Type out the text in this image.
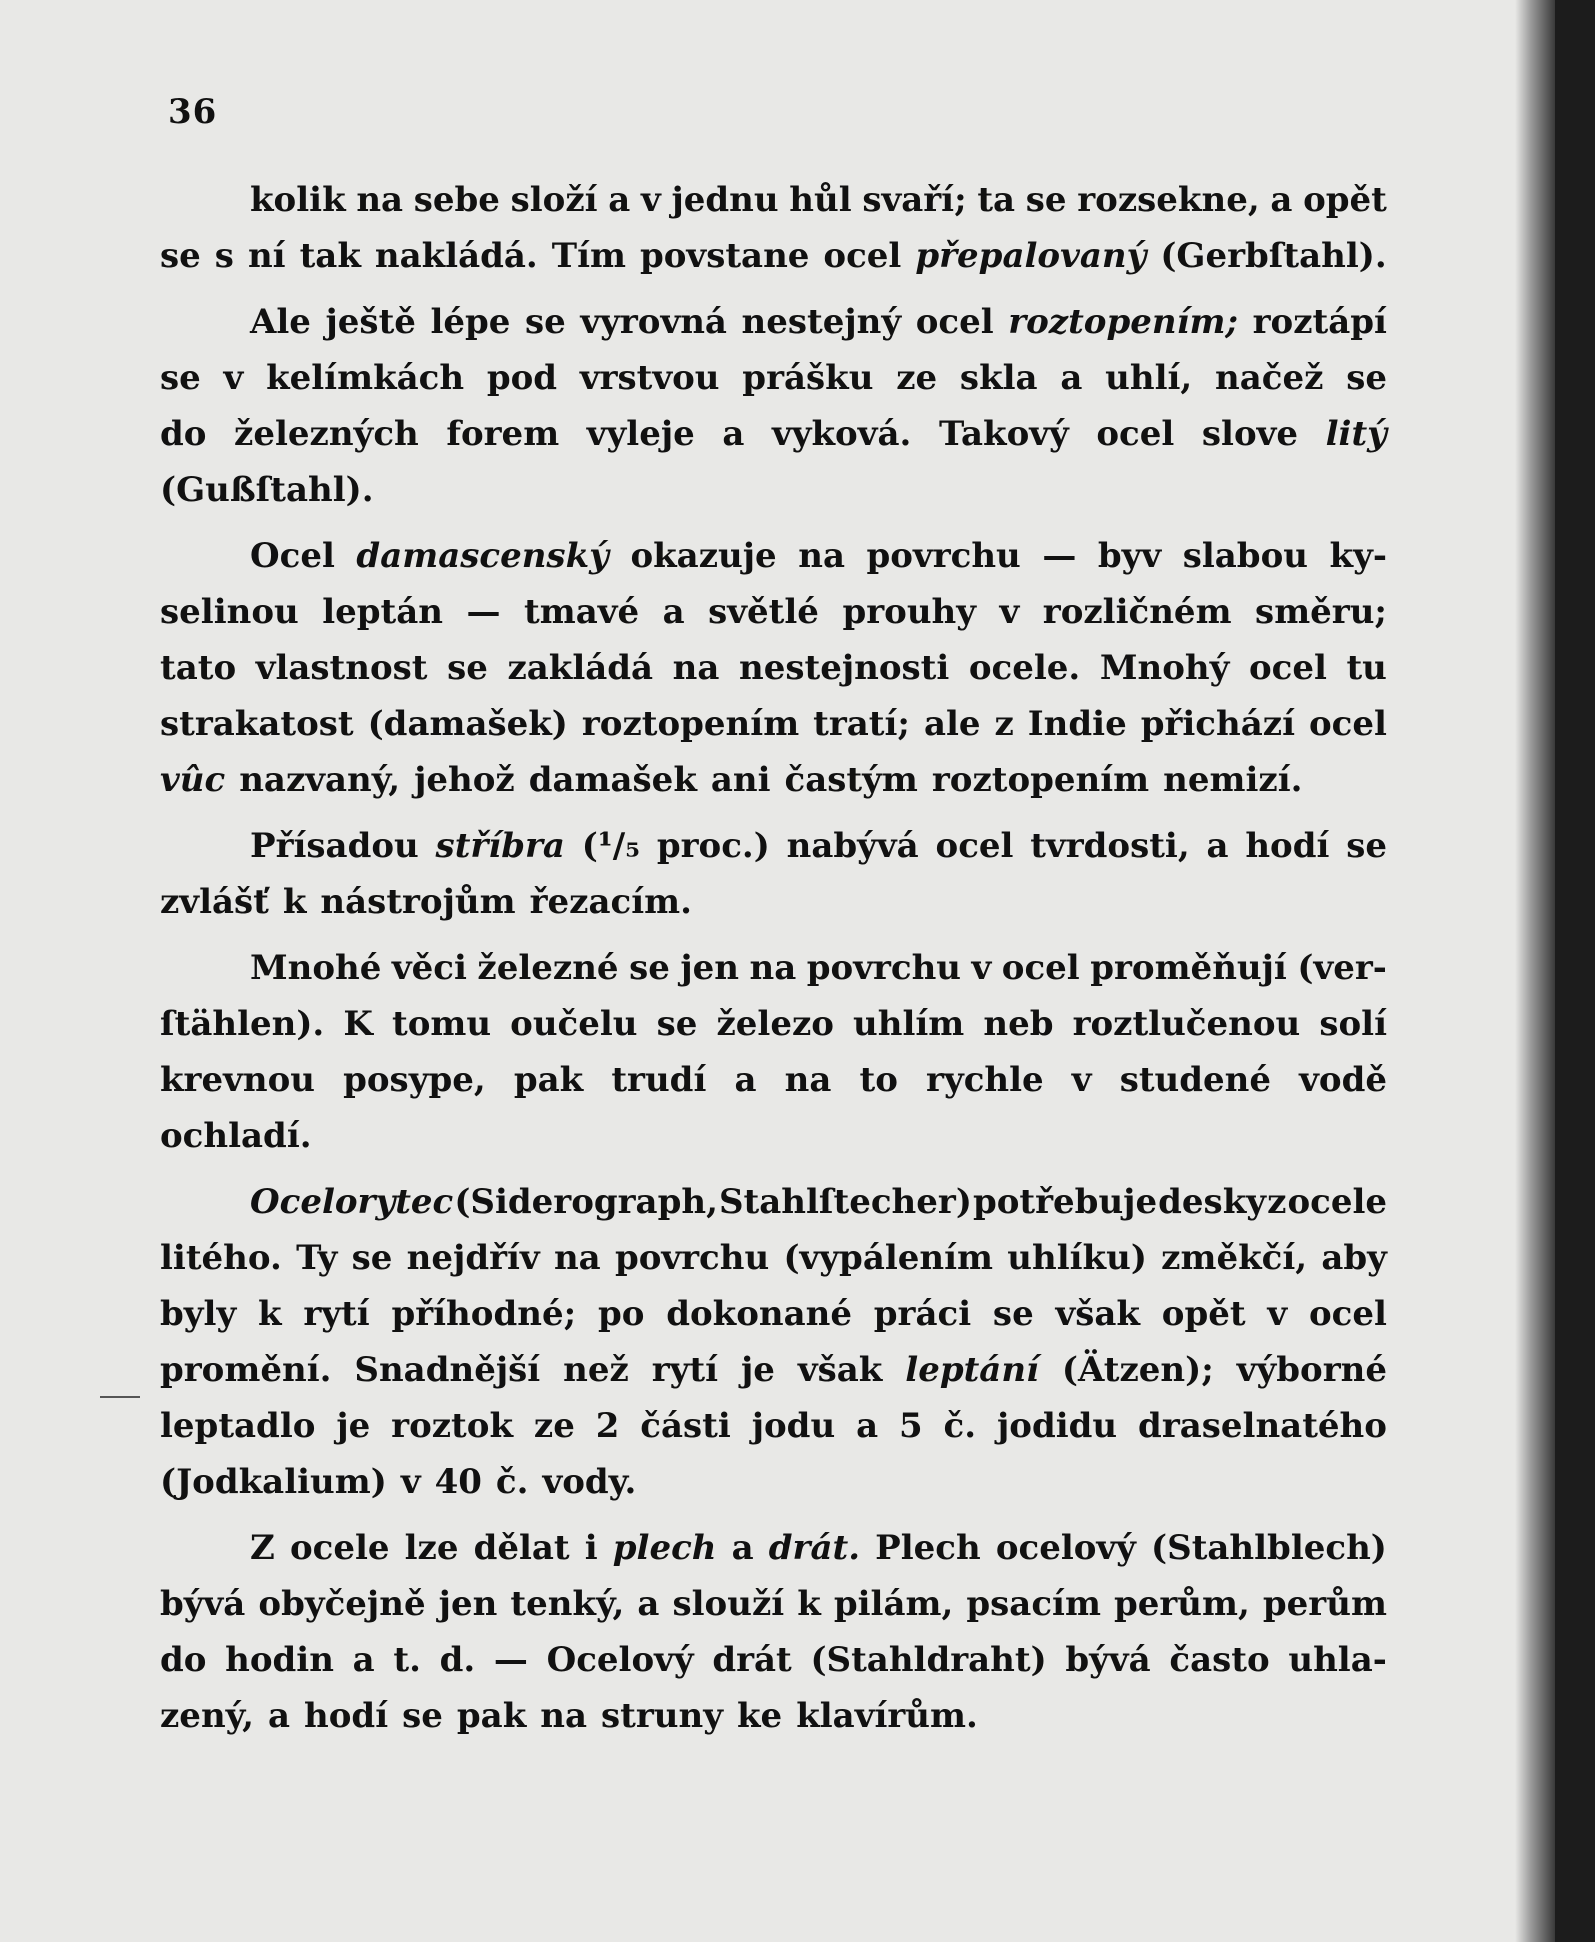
36
kolik na sebe složí a v jednu hůl svaří; ta se rozsekne, a opět
se s ní tak nakládá. Tím povstane ocel přepalovaný (Gerbſtahl).
Ale ještě lépe se vyrovná nestejný ocel roztopením; roztápí
se v kelímkách pod vrstvou prášku ze skla a uhlí, načež se
do železných forem vyleje a vyková. Takový ocel slove litý
(Gußſtahl).
Ocel damascenský okazuje na povrchu — byv slabou ky-
selinou leptán — tmavé a světlé prouhy v rozličném směru;
tato vlastnost se zakládá na nestejnosti ocele. Mnohý ocel tu
strakatost (damašek) roztopením tratí; ale z Indie přichází ocel
vûc nazvaný, jehož damašek ani častým roztopením nemizí.
Přísadou stříbra (¹/₅ proc.) nabývá ocel tvrdosti, a hodí se
zvlášť k nástrojům řezacím.
Mnohé věci železné se jen na povrchu v ocel proměňují (ver-
ſtählen). K tomu oučelu se železo uhlím neb roztlučenou solí
krevnou posype, pak trudí a na to rychle v studené vodě
ochladí.
Ocelorytec (Siderograph, Stahlſtecher) potřebuje desky z ocele
litého. Ty se nejdřív na povrchu (vypálením uhlíku) změkčí, aby
byly k rytí příhodné; po dokonané práci se však opět v ocel
promění. Snadnější než rytí je však leptání (Ätzen); výborné
leptadlo je roztok ze 2 části jodu a 5 č. jodidu draselnatého
(Jodkalium) v 40 č. vody.
Z ocele lze dělat i plech a drát. Plech ocelový (Stahlblech)
bývá obyčejně jen tenký, a slouží k pilám, psacím perům, perům
do hodin a t. d. — Ocelový drát (Stahldraht) bývá často uhla-
zený, a hodí se pak na struny ke klavírům.
